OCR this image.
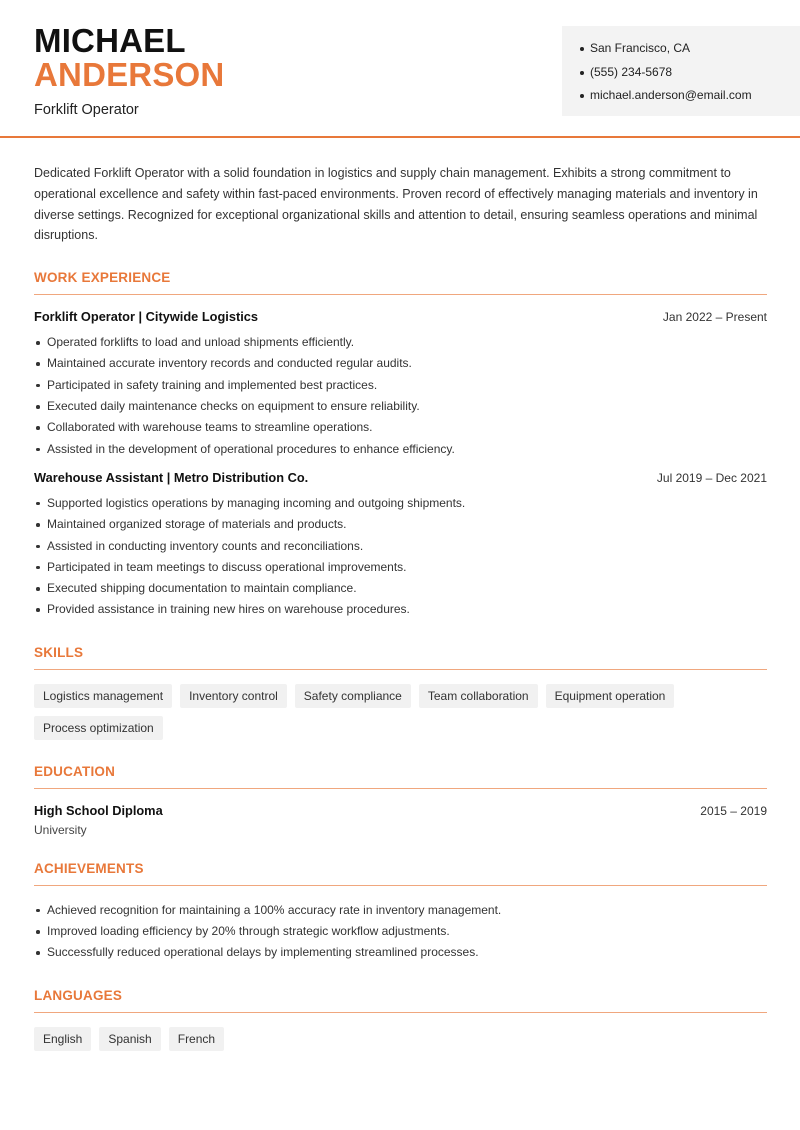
MICHAEL
ANDERSON
Forklift Operator
San Francisco, CA
(555) 234-5678
michael.anderson@email.com

Dedicated Forklift Operator with a solid foundation in logistics and supply chain management. Exhibits a strong commitment to operational excellence and safety within fast-paced environments. Proven record of effectively managing materials and inventory in diverse settings. Recognized for exceptional organizational skills and attention to detail, ensuring seamless operations and minimal disruptions.

WORK EXPERIENCE
Forklift Operator | Citywide Logistics	Jan 2022 – Present
Operated forklifts to load and unload shipments efficiently.
Maintained accurate inventory records and conducted regular audits.
Participated in safety training and implemented best practices.
Executed daily maintenance checks on equipment to ensure reliability.
Collaborated with warehouse teams to streamline operations.
Assisted in the development of operational procedures to enhance efficiency.
Warehouse Assistant | Metro Distribution Co.	Jul 2019 – Dec 2021
Supported logistics operations by managing incoming and outgoing shipments.
Maintained organized storage of materials and products.
Assisted in conducting inventory counts and reconciliations.
Participated in team meetings to discuss operational improvements.
Executed shipping documentation to maintain compliance.
Provided assistance in training new hires on warehouse procedures.
SKILLS
Logistics management	Inventory control	Safety compliance	Team collaboration	Equipment operation
Process optimization
EDUCATION
High School Diploma	2015 – 2019
University
ACHIEVEMENTS
Achieved recognition for maintaining a 100% accuracy rate in inventory management.
Improved loading efficiency by 20% through strategic workflow adjustments.
Successfully reduced operational delays by implementing streamlined processes.
LANGUAGES
English	Spanish	French
